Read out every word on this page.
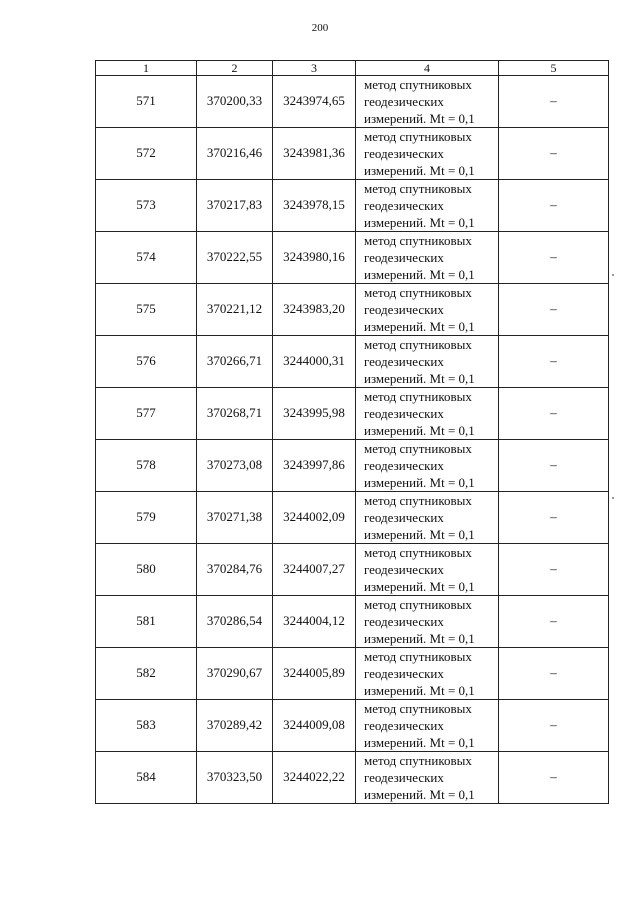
200
1	2	3	4	5
571	370200,33	3243974,65	метод спутниковых
геодезических
измерений. Mt = 0,1	–
572	370216,46	3243981,36	метод спутниковых
геодезических
измерений. Mt = 0,1	–
573	370217,83	3243978,15	метод спутниковых
геодезических
измерений. Mt = 0,1	–
574	370222,55	3243980,16	метод спутниковых
геодезических
измерений. Mt = 0,1	–
575	370221,12	3243983,20	метод спутниковых
геодезических
измерений. Mt = 0,1	–
576	370266,71	3244000,31	метод спутниковых
геодезических
измерений. Mt = 0,1	–
577	370268,71	3243995,98	метод спутниковых
геодезических
измерений. Mt = 0,1	–
578	370273,08	3243997,86	метод спутниковых
геодезических
измерений. Mt = 0,1	–
579	370271,38	3244002,09	метод спутниковых
геодезических
измерений. Mt = 0,1	–
580	370284,76	3244007,27	метод спутниковых
геодезических
измерений. Mt = 0,1	–
581	370286,54	3244004,12	метод спутниковых
геодезических
измерений. Mt = 0,1	–
582	370290,67	3244005,89	метод спутниковых
геодезических
измерений. Mt = 0,1	–
583	370289,42	3244009,08	метод спутниковых
геодезических
измерений. Mt = 0,1	–
584	370323,50	3244022,22	метод спутниковых
геодезических
измерений. Mt = 0,1	–
